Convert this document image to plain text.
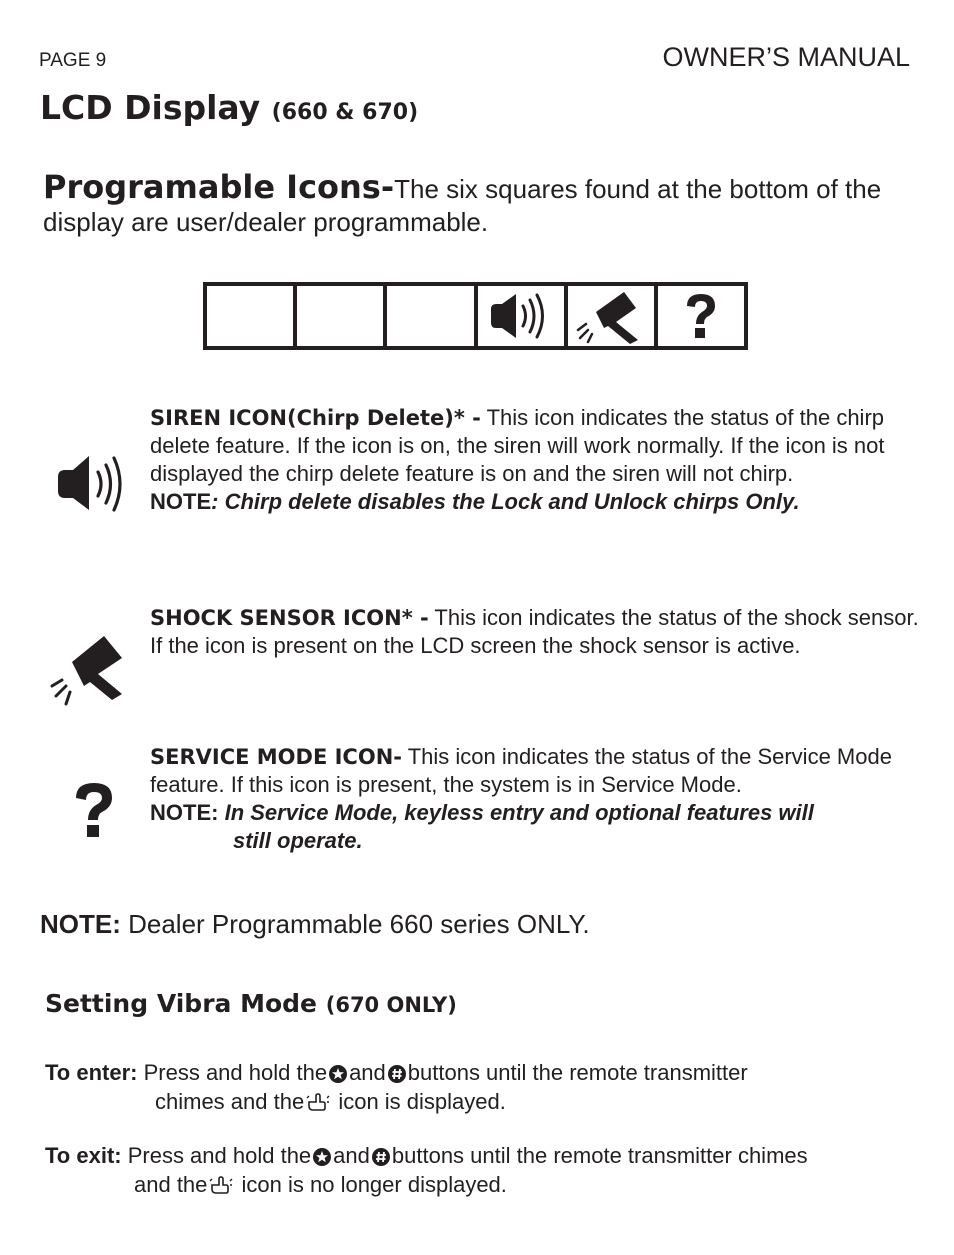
PAGE 9	OWNER’S MANUAL
LCD Display (660 & 670)
Programable Icons-The six squares found at the bottom of the display are user/dealer programmable.
SIREN ICON(Chirp Delete)* - This icon indicates the status of the chirp delete feature. If the icon is on, the siren will work normally. If the icon is not displayed the chirp delete feature is on and the siren will not chirp.
NOTE: Chirp delete disables the Lock and Unlock chirps Only.
SHOCK SENSOR ICON* - This icon indicates the status of the shock sensor. If the icon is present on the LCD screen the shock sensor is active.
SERVICE MODE ICON- This icon indicates the status of the Service Mode feature. If this icon is present, the system is in Service Mode.
NOTE: In Service Mode, keyless entry and optional features will
still operate.
NOTE: Dealer Programmable 660 series ONLY.
Setting Vibra Mode (670 ONLY)
To enter: Press and hold the and buttons until the remote transmitter
chimes and the icon is displayed.
To exit: Press and hold the and buttons until the remote transmitter chimes
and the icon is no longer displayed.
